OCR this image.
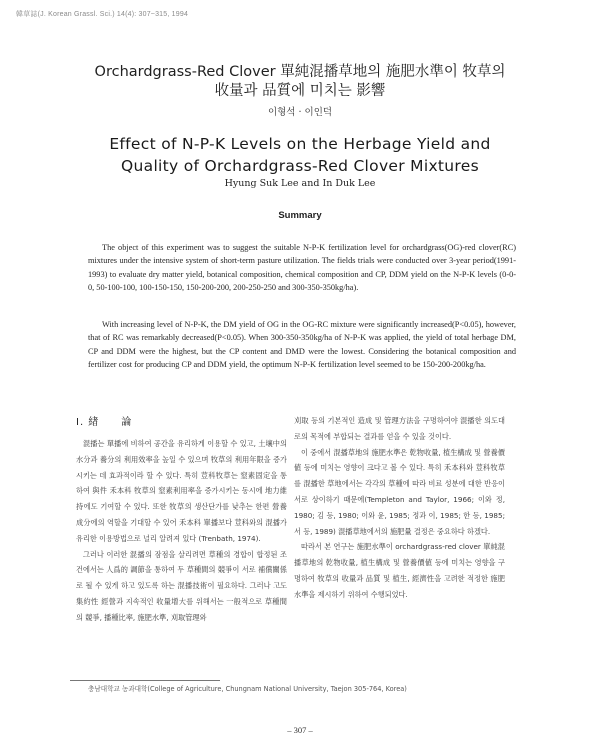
韓草誌(J. Korean Grassl. Sci.) 14(4): 307~315, 1994
Orchardgrass-Red Clover 單純混播草地의 施肥水準이 牧草의
收量과 品質에 미치는 影響
이형석 · 이인덕
Effect of N-P-K Levels on the Herbage Yield and
Quality of Orchardgrass-Red Clover Mixtures
Hyung Suk Lee and In Duk Lee
Summary

The object of this experiment was to suggest the suitable N-P-K fertilization level for orchardgrass(OG)-red clover(RC) mixtures under the intensive system of short-term pasture utilization. The fields trials were conducted over 3-year period(1991-1993) to evaluate dry matter yield, botanical composition, chemical composition and CP, DDM yield on the N-P-K levels (0-0-0, 50-100-100, 100-150-150, 150-200-200, 200-250-250 and 300-350-350kg/ha).

With increasing level of N-P-K, the DM yield of OG in the OG-RC mixture were significantly increased(P<0.05), however, that of RC was remarkably decreased(P<0.05). When 300-350-350kg/ha of N-P-K was applied, the yield of total herbage DM, CP and DDM were the highest, but the CP content and DMD were the lowest. Considering the botanical composition and fertilizer cost for producing CP and DDM yield, the optimum N-P-K fertilization level seemed to be 150-200-200kg/ha.

Ⅰ. 緖　　論

混播는 單播에 비하여 공간을 유리하게 이용할 수 있고, 土壤中의 水分과 養分의 利用效率을 높일 수 있으며 牧草의 利用年限을 증가시키는 데 효과적이라 할 수 있다. 특히 荳科牧草는 窒素固定을 통하여 與件 禾本科 牧草의 窒素利用率을 증가시키는 동시에 地力維持에도 기여할 수 있다. 또한 牧草의 생산단가를 낮추는 한편 營養成分에의 역할을 기대할 수 있어 禾本科 單播보다 荳科와의 混播가 유리한 이용방법으로 널리 알려져 있다 (Trenbath, 1974).

그러나 이러한 混播의 잠점을 살리려면 草種의 경합이 합정된 조건에서는 人爲的 調節을 통하여 두 草種間의 競爭이 서로 補償關係로 될 수 있게 하고 있도록 하는 混播技術이 필요하다. 그러나 고도 集約性 經營과 지속적인 收量增大를 위해서는 一般적으로 草種間의 競爭, 播種比率, 施肥水準, 刈取管理와

刈取 등의 기본적인 造成 및 管理方法을 구명하여야 混播한 의도대로의 목적에 부합되는 결과를 얻을 수 있을 것이다.

이 중에서 混播草地의 施肥水準은 乾物收量, 植生構成 및 營養價値 등에 미치는 영향이 크다고 볼 수 있다. 특히 禾本科와 荳科牧草를 混播한 草地에서는 각각의 草種에 따라 비료 성분에 대한 반응이 서로 상이하기 때문에(Templeton and Taylor, 1966; 이와 정, 1980; 김 등, 1980; 이와 윤, 1985; 정과 이, 1985; 한 등, 1985; 서 등, 1989) 混播草地에서의 施肥量 결정은 중요하다 하겠다.

따라서 본 연구는 施肥水準이 orchardgrass-red clover 單純混播草地의 乾物收量, 植生構成 및 營養價値 등에 미치는 영향을 구명하여 牧草의 收量과 品質 및 植生, 經濟性을 고려한 적정한 施肥水準을 제시하기 위하여 수행되었다.

충남대학교 농과대학(College of Agriculture, Chungnam National University, Taejon 305-764, Korea)
– 307 –
